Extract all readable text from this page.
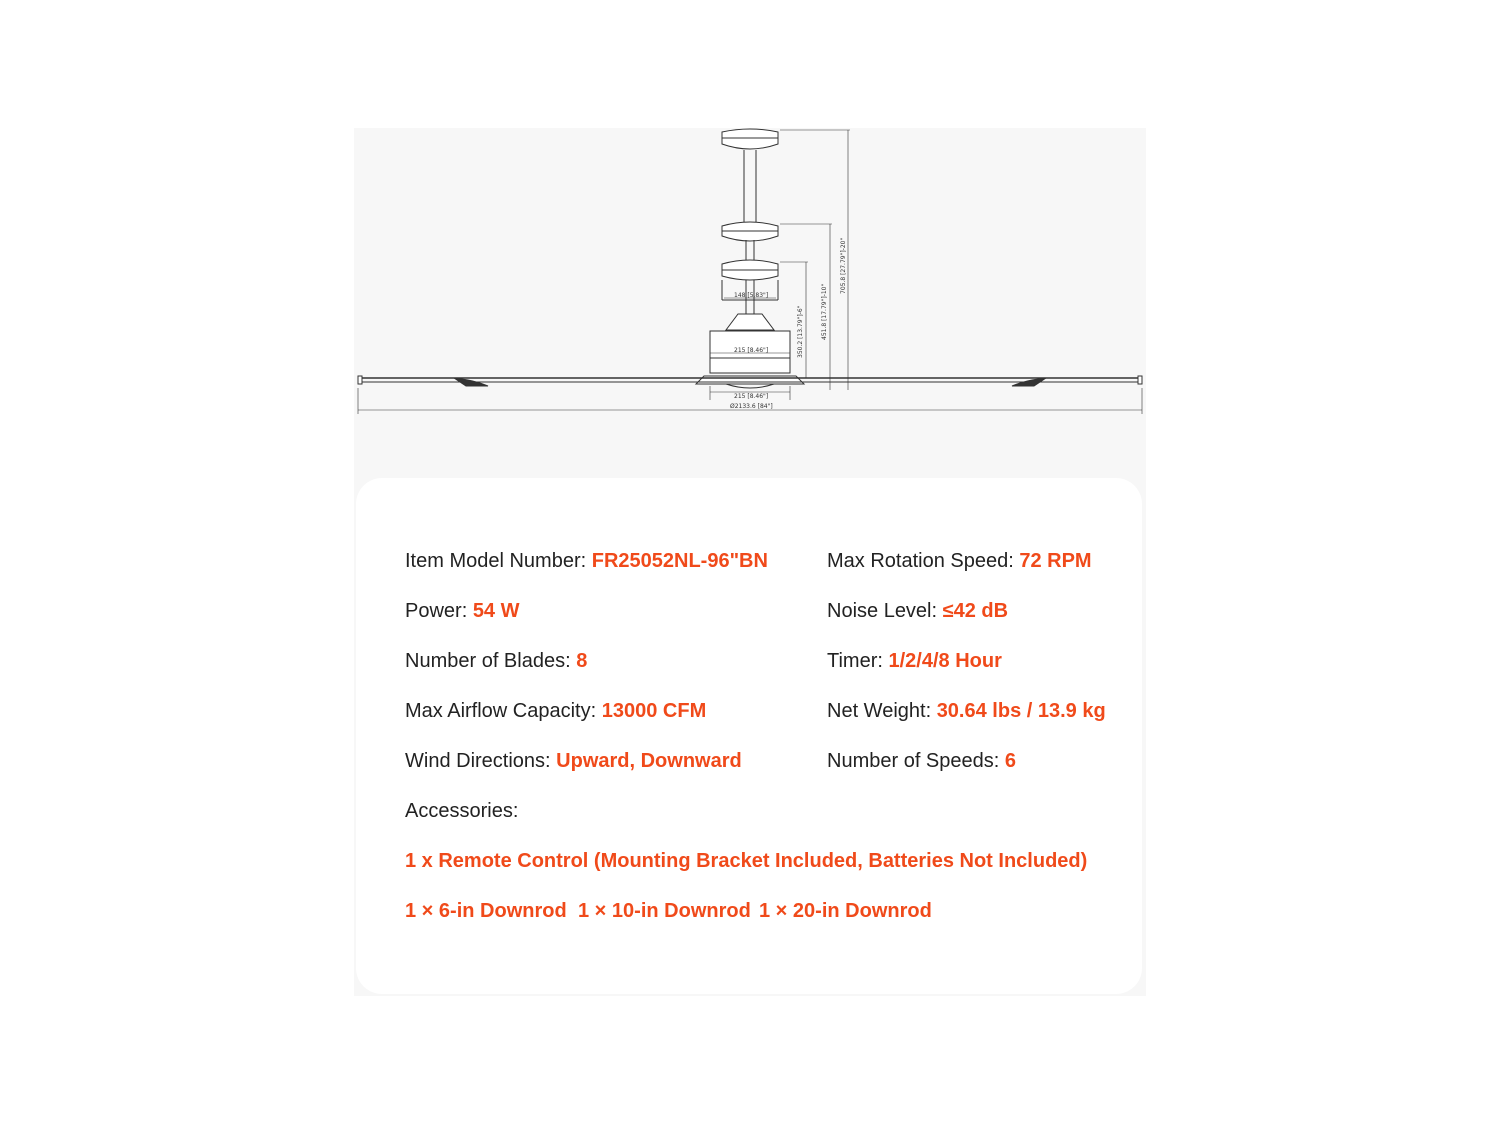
148 [5.83"]
215 [8.46"]
215 [8.46"]
Ø2133.6 [84"]
350.2 [13.79"]-6"	451.8 [17.79"]-10"
705.8 [27.79"]-20"
Item Model Number: FR25052NL-96"BN
Power: 54 W
Number of Blades: 8
Max Airflow Capacity: 13000 CFM
Wind Directions: Upward, Downward
Max Rotation Speed: 72 RPM
Noise Level: ≤42 dB
Timer: 1/2/4/8 Hour
Net Weight: 30.64 lbs / 13.9 kg
Number of Speeds: 6
Accessories:
1 x Remote Control (Mounting Bracket Included, Batteries Not Included)
1 × 6-in Downrod 1 × 10-in Downrod 1 × 20-in Downrod
